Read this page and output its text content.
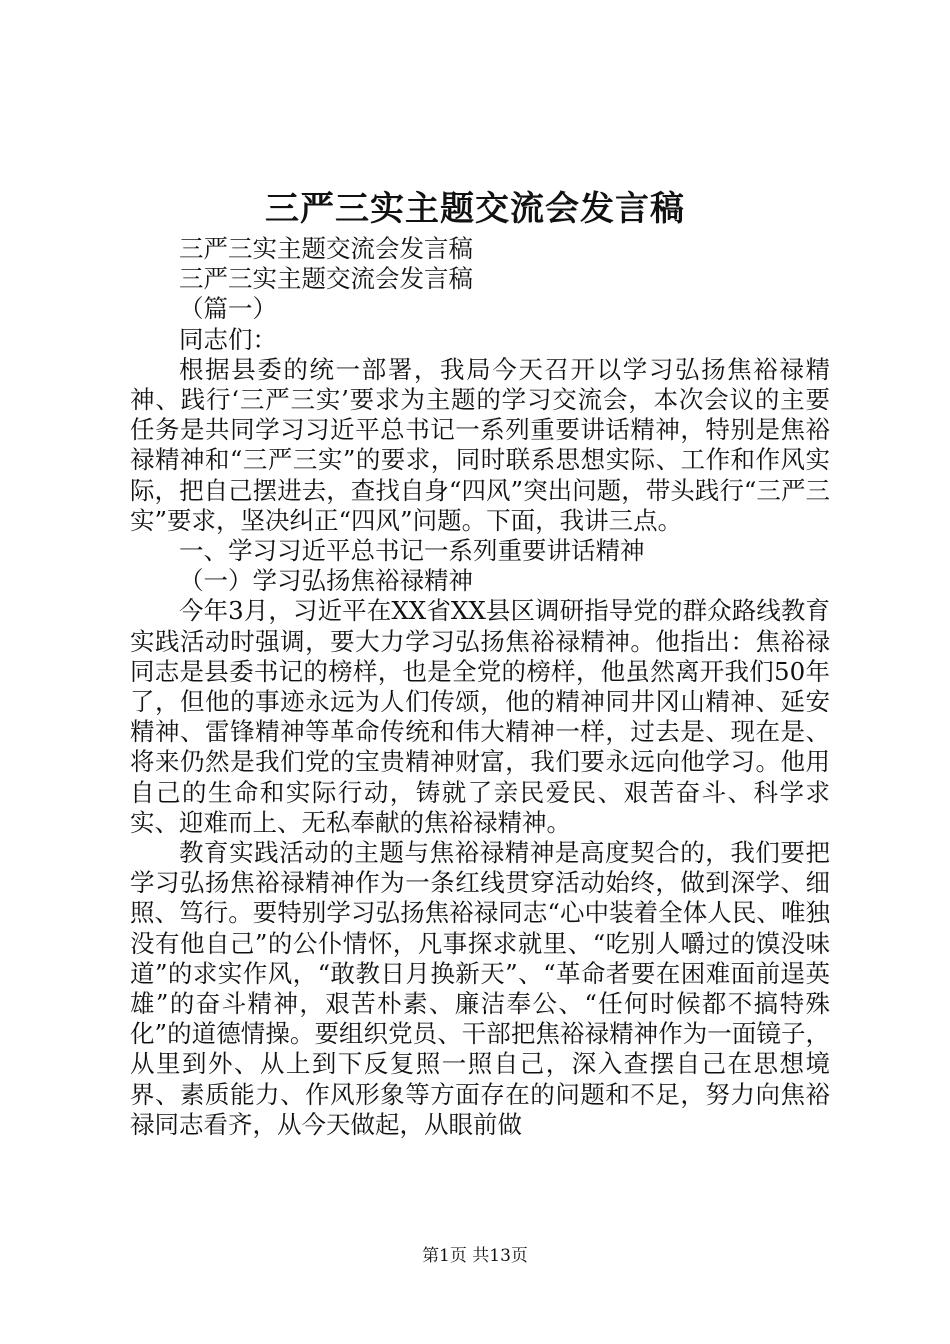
三严三实主题交流会发言稿

三严三实主题交流会发言稿

三严三实主题交流会发言稿

（篇一）

同志们：

根据县委的统一部署，我局今天召开以学习弘扬焦裕禄精神、践行‘三严三实’要求为主题的学习交流会，本次会议的主要任务是共同学习习近平总书记一系列重要讲话精神，特别是焦裕禄精神和“三严三实”的要求，同时联系思想实际、工作和作风实际，把自己摆进去，查找自身“四风”突出问题，带头践行“三严三实”要求，坚决纠正“四风”问题。下面，我讲三点。

一、学习习近平总书记一系列重要讲话精神

（一）学习弘扬焦裕禄精神

今年3月，习近平在XX省XX县区调研指导党的群众路线教育实践活动时强调，要大力学习弘扬焦裕禄精神。他指出：焦裕禄同志是县委书记的榜样，也是全党的榜样，他虽然离开我们50年了，但他的事迹永远为人们传颂，他的精神同井冈山精神、延安精神、雷锋精神等革命传统和伟大精神一样，过去是、现在是、将来仍然是我们党的宝贵精神财富，我们要永远向他学习。他用自己的生命和实际行动，铸就了亲民爱民、艰苦奋斗、科学求实、迎难而上、无私奉献的焦裕禄精神。

教育实践活动的主题与焦裕禄精神是高度契合的，我们要把学习弘扬焦裕禄精神作为一条红线贯穿活动始终，做到深学、细照、笃行。要特别学习弘扬焦裕禄同志“心中装着全体人民、唯独没有他自己”的公仆情怀，凡事探求就里、“吃别人嚼过的馍没味道”的求实作风，“敢教日月换新天”、“革命者要在困难面前逞英雄”的奋斗精神，艰苦朴素、廉洁奉公、“任何时候都不搞特殊化”的道德情操。要组织党员、干部把焦裕禄精神作为一面镜子，从里到外、从上到下反复照一照自己，深入查摆自己在思想境界、素质能力、作风形象等方面存在的问题和不足，努力向焦裕禄同志看齐，从今天做起，从眼前做

第1页 共13页
